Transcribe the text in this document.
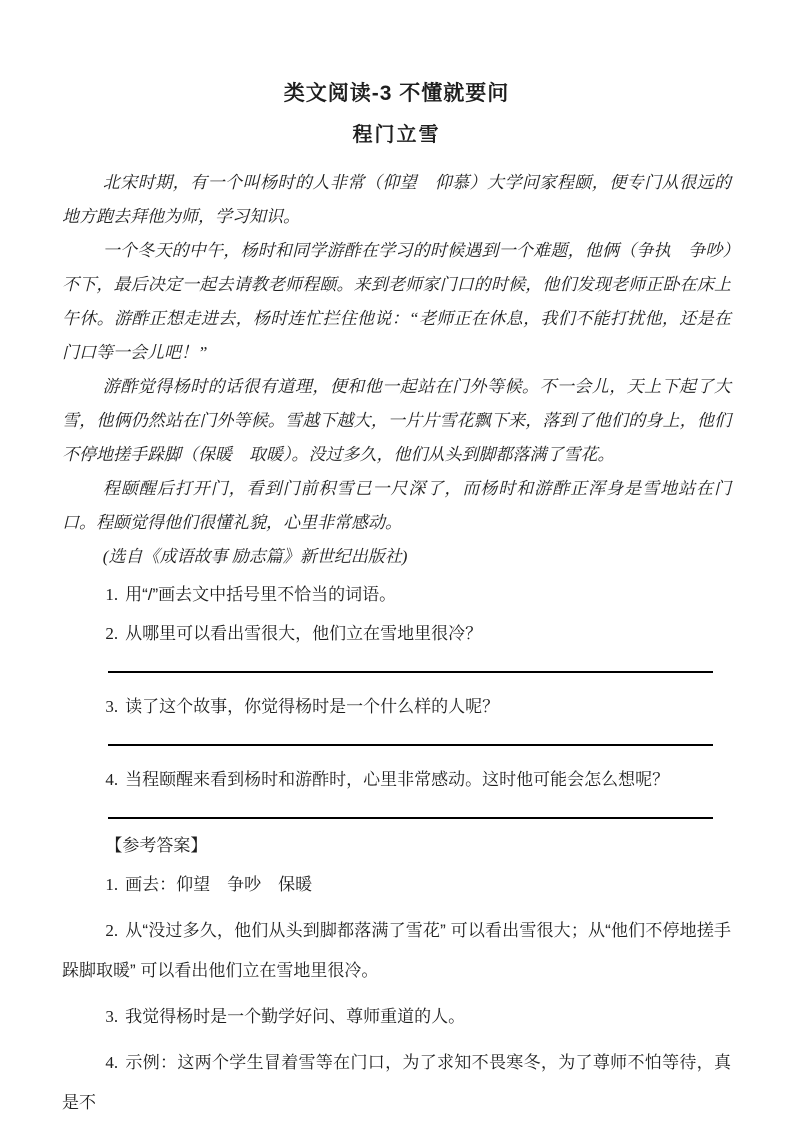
类文阅读-3 不懂就要问
程门立雪

北宋时期，有一个叫杨时的人非常（仰望　仰慕）大学问家程颐，便专门从很远的地方跑去拜他为师，学习知识。

一个冬天的中午，杨时和同学游酢在学习的时候遇到一个难题，他俩（争执　争吵）不下，最后决定一起去请教老师程颐。来到老师家门口的时候，他们发现老师正卧在床上午休。游酢正想走进去，杨时连忙拦住他说：“老师正在休息，我们不能打扰他，还是在门口等一会儿吧！”

游酢觉得杨时的话很有道理，便和他一起站在门外等候。不一会儿，天上下起了大雪，他俩仍然站在门外等候。雪越下越大，一片片雪花飘下来，落到了他们的身上，他们不停地搓手跺脚（保暖　取暖）。没过多久，他们从头到脚都落满了雪花。

程颐醒后打开门，看到门前积雪已一尺深了，而杨时和游酢正浑身是雪地站在门口。程颐觉得他们很懂礼貌，心里非常感动。

(选自《成语故事 励志篇》新世纪出版社)

1. 用“/”画去文中括号里不恰当的词语。
2. 从哪里可以看出雪很大，他们立在雪地里很冷？
3. 读了这个故事，你觉得杨时是一个什么样的人呢？
4. 当程颐醒来看到杨时和游酢时，心里非常感动。这时他可能会怎么想呢？

【参考答案】

1. 画去：仰望　争吵　保暖
2. 从“没过多久，他们从头到脚都落满了雪花” 可以看出雪很大；从“他们不停地搓手跺脚取暖” 可以看出他们立在雪地里很冷。
3. 我觉得杨时是一个勤学好问、尊师重道的人。
4. 示例：这两个学生冒着雪等在门口，为了求知不畏寒冬，为了尊师不怕等待，真是不
